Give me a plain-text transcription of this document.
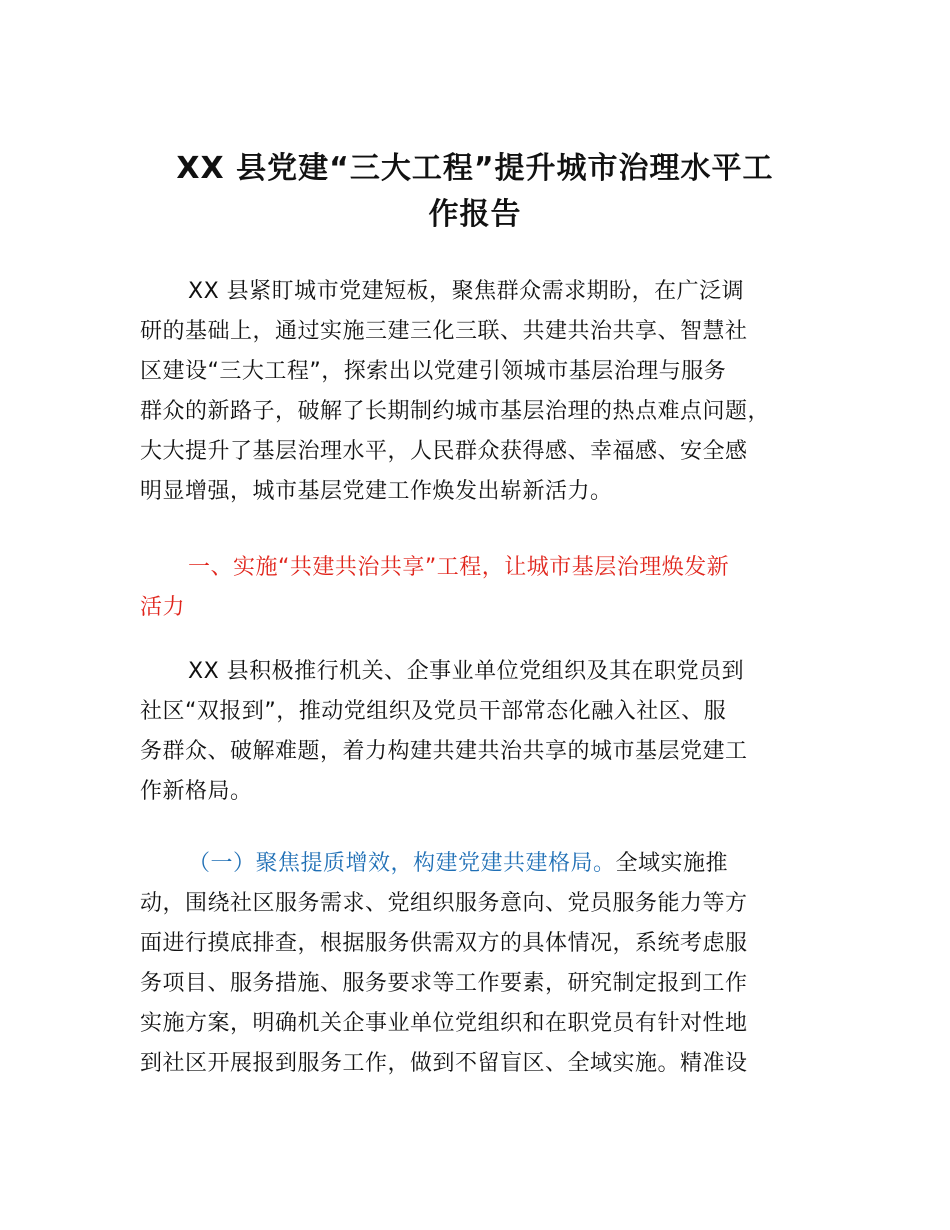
XX 县党建“三大工程”提升城市治理水平工
作报告
XX 县紧盯城市党建短板，聚焦群众需求期盼，在广泛调
研的基础上，通过实施三建三化三联、共建共治共享、智慧社
区建设“三大工程”，探索出以党建引领城市基层治理与服务
群众的新路子，破解了长期制约城市基层治理的热点难点问题，
大大提升了基层治理水平，人民群众获得感、幸福感、安全感
明显增强，城市基层党建工作焕发出崭新活力。
一、实施“共建共治共享”工程，让城市基层治理焕发新
活力
XX 县积极推行机关、企事业单位党组织及其在职党员到
社区“双报到”，推动党组织及党员干部常态化融入社区、服
务群众、破解难题，着力构建共建共治共享的城市基层党建工
作新格局。
（一）聚焦提质增效，构建党建共建格局。全域实施推
动，围绕社区服务需求、党组织服务意向、党员服务能力等方
面进行摸底排查，根据服务供需双方的具体情况，系统考虑服
务项目、服务措施、服务要求等工作要素，研究制定报到工作
实施方案，明确机关企事业单位党组织和在职党员有针对性地
到社区开展报到服务工作，做到不留盲区、全域实施。精准设
